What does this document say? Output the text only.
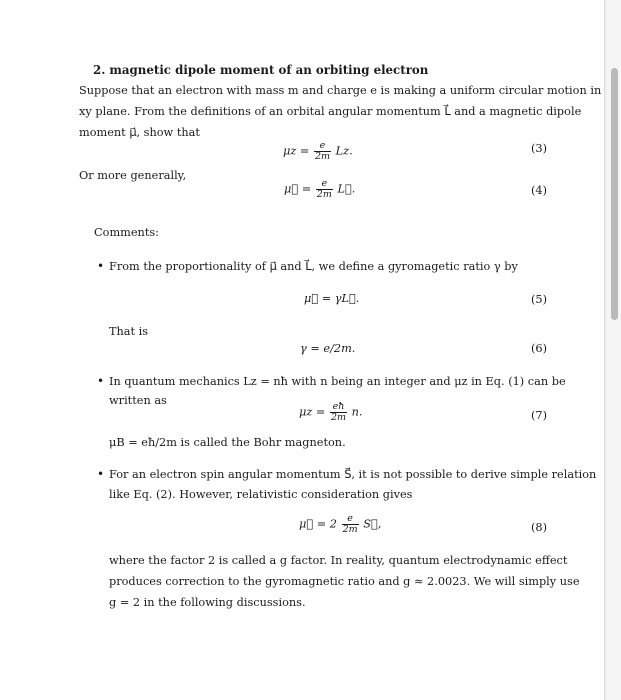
2. magnetic dipole moment of an orbiting electron
Suppose that an electron with mass m and charge e is making a uniform circular motion in
xy plane. From the definitions of an orbital angular momentum L⃗ and a magnetic dipole
moment μ⃗, show that
$\mu z = \frac{e}{2m} Lz$.	(3)
Or more generally,
μ⃗ = $\frac{e}{2m}$ L⃗.	(4)
Comments:
• From the proportionality of μ⃗ and L⃗, we define a gyromagetic ratio γ by
μ⃗ = γL⃗.	(5)
That is
γ = e/2m.	(6)
• In quantum mechanics Lz = nħ with n being an integer and μz in Eq. (1) can be
written as
$\mu z = \frac{eħ}{2m} n$.	(7)
μB = eħ/2m is called the Bohr magneton.
• For an electron spin angular momentum S⃗, it is not possible to derive simple relation
like Eq. (2). However, relativistic consideration gives
μ⃗ = $2 \frac{e}{2m}$ S⃗,	(8)
where the factor 2 is called a g factor. In reality, quantum electrodynamic effect
produces correction to the gyromagnetic ratio and g ≈ 2.0023. We will simply use
g = 2 in the following discussions.
